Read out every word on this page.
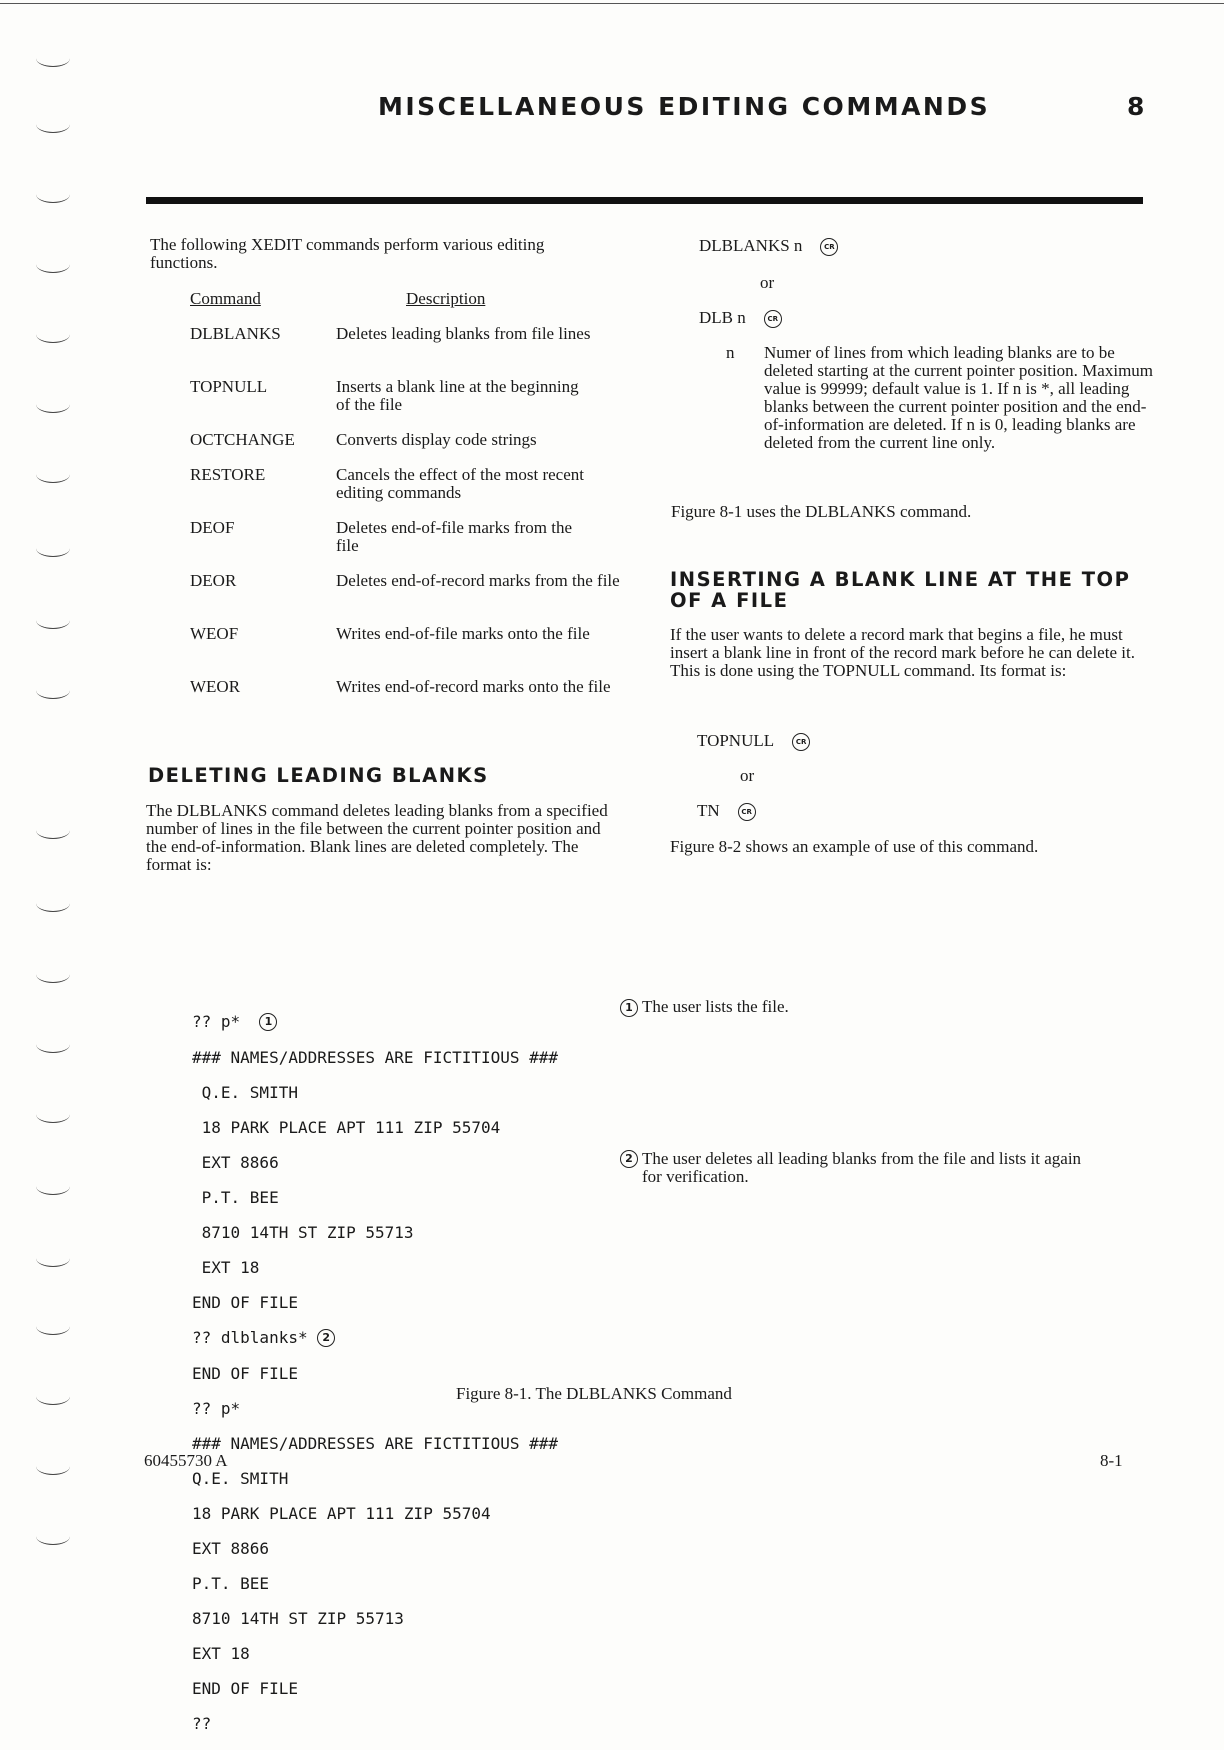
MISCELLANEOUS EDITING COMMANDS	8
The following XEDIT commands perform various editing functions.
Command	Description
DLBLANKS	Deletes leading blanks from file lines
TOPNULL	Inserts a blank line at the beginning of the file
OCTCHANGE Converts display code strings
RESTORE	Cancels the effect of the most recent editing commands
DEOF	Deletes end-of-file marks from the file
DEOR	Deletes end-of-record marks from the file
WEOF	Writes end-of-file marks onto the file
WEOR	Writes end-of-record marks onto the file
DELETING LEADING BLANKS
The DLBLANKS command deletes leading blanks from a specified number of lines in the file between the current pointer position and the end-of-information. Blank lines are deleted completely. The format is:
DLBLANKS n	CR
or
DLB n	CR
n Numer of lines from which leading blanks are to be deleted starting at the current pointer position. Maximum value is 99999; default value is 1. If n is *, all leading blanks between the current pointer position and the end-of-information are deleted. If n is 0, leading blanks are deleted from the current line only.
Figure 8-1 uses the DLBLANKS command.
INSERTING A BLANK LINE AT THE TOP
OF A FILE
If the user wants to delete a record mark that begins a file, he must insert a blank line in front of the record mark before he can delete it. This is done using the TOPNULL command. Its format is:
TOPNULL	CR
or
TN	CR
Figure 8-2 shows an example of use of this command.

?? p* 1

### NAMES/ADDRESSES ARE FICTITIOUS ###

Q.E. SMITH

18 PARK PLACE APT 111 ZIP 55704

EXT 8866

P.T. BEE

8710 14TH ST ZIP 55713

EXT 18

END OF FILE

?? dlblanks* 2

END OF FILE

?? p*

### NAMES/ADDRESSES ARE FICTITIOUS ###

Q.E. SMITH

18 PARK PLACE APT 111 ZIP 55704

EXT 8866

P.T. BEE

8710 14TH ST ZIP 55713

EXT 18

END OF FILE

??

1 The user lists the file.
2 The user deletes all leading blanks from the file and lists it again for verification.
Figure 8-1. The DLBLANKS Command
60455730 A	8-1
